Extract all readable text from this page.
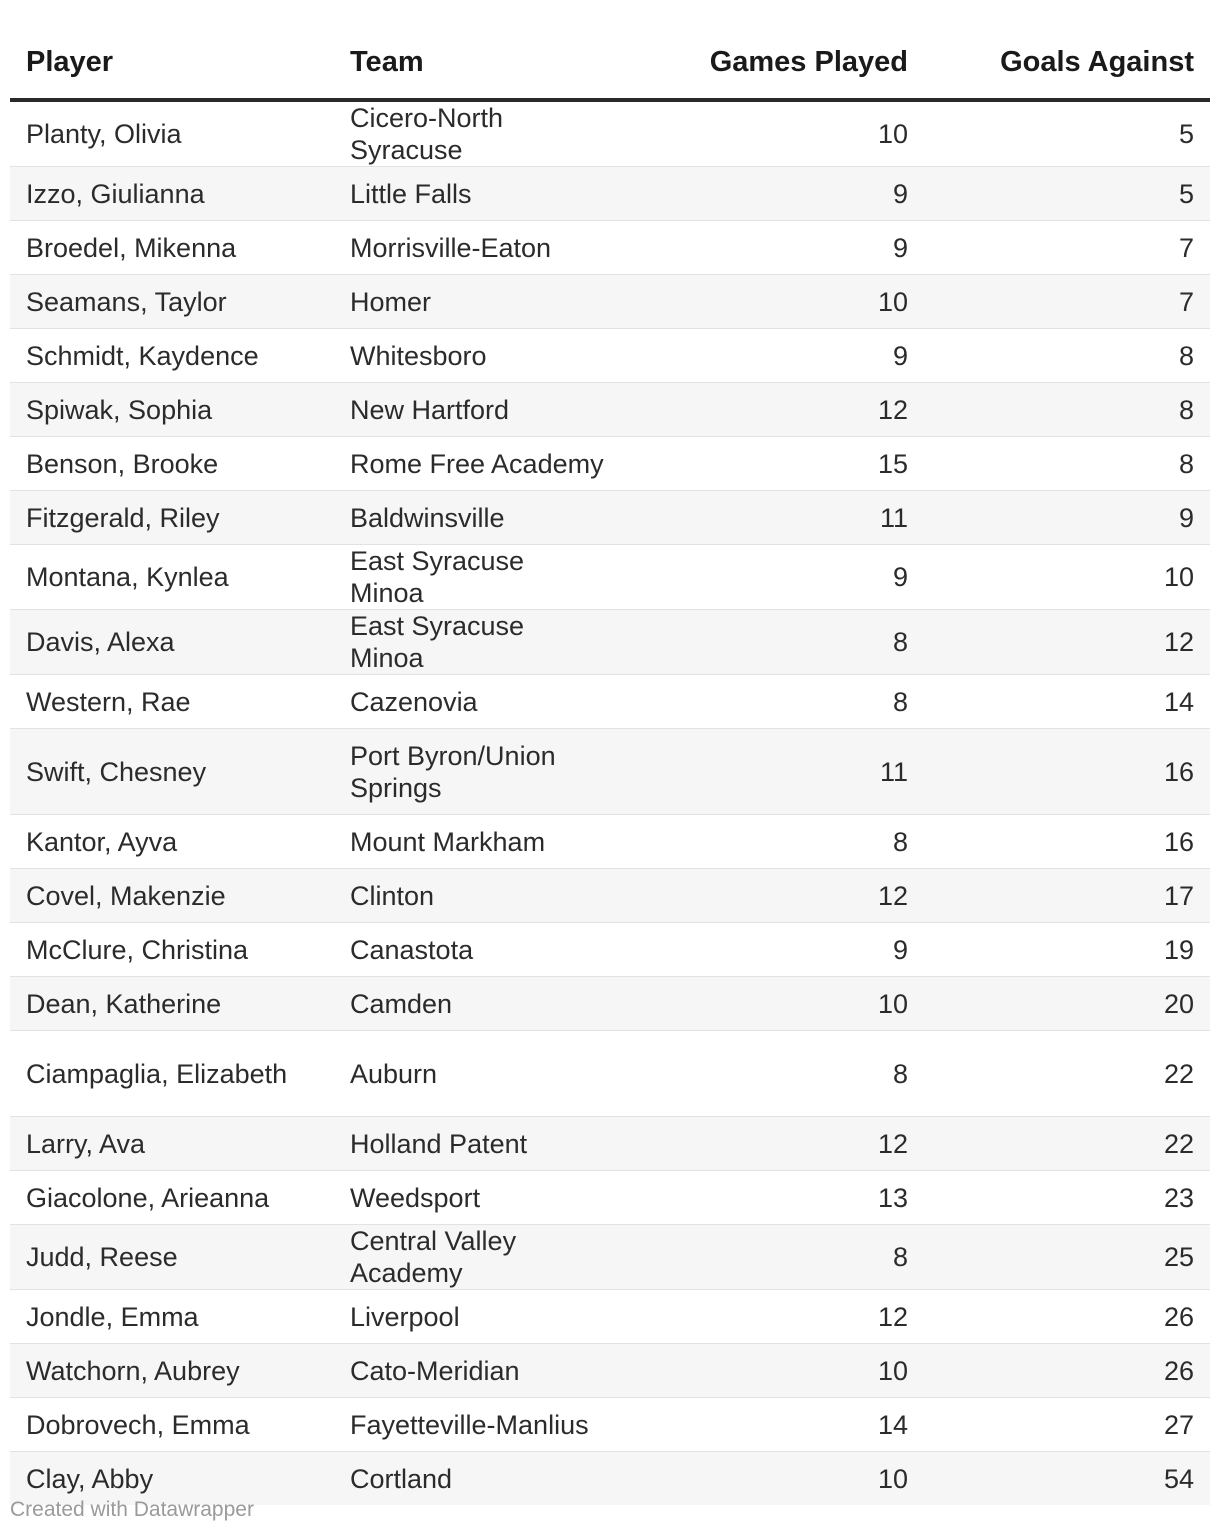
Player	Team	Games Played	Goals Against
Planty, Olivia	Cicero-North Syracuse	10	5
Izzo, Giulianna	Little Falls	9	5
Broedel, Mikenna	Morrisville-Eaton	9	7
Seamans, Taylor	Homer	10	7
Schmidt, Kaydence	Whitesboro	9	8
Spiwak, Sophia	New Hartford	12	8
Benson, Brooke	Rome Free Academy	15	8
Fitzgerald, Riley	Baldwinsville	11	9
Montana, Kynlea	East Syracuse Minoa	9	10
Davis, Alexa	East Syracuse Minoa	8	12
Western, Rae	Cazenovia	8	14
Swift, Chesney	Port Byron/Union Springs	11	16
Kantor, Ayva	Mount Markham	8	16
Covel, Makenzie	Clinton	12	17
McClure, Christina	Canastota	9	19
Dean, Katherine	Camden	10	20
Ciampaglia, Elizabeth	Auburn	8	22
Larry, Ava	Holland Patent	12	22
Giacolone, Arieanna	Weedsport	13	23
Judd, Reese	Central Valley Academy	8	25
Jondle, Emma	Liverpool	12	26
Watchorn, Aubrey	Cato-Meridian	10	26
Dobrovech, Emma	Fayetteville-Manlius	14	27
Clay, Abby	Cortland	10	54
Created with Datawrapper
